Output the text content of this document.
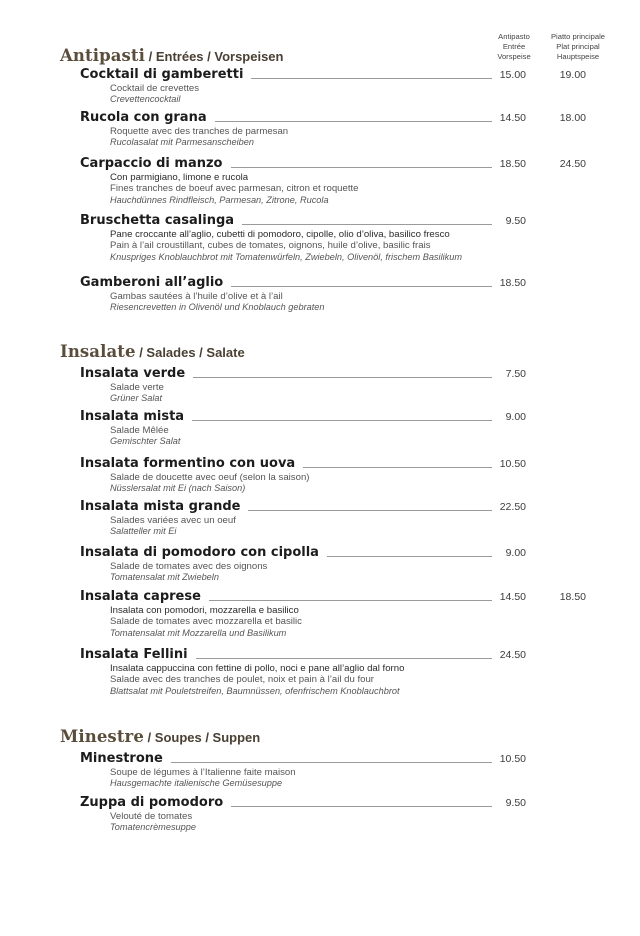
Antipasto
Entrée
Vorspeise
Piatto principale
Plat principal
Hauptspeise
Antipasti / Entrées / Vorspeisen
Cocktail di gamberetti	15.00	19.00
Cocktail de crevettes
Crevettencocktail
Rucola con grana	14.50	18.00
Roquette avec des tranches de parmesan
Rucolasalat mit Parmesanscheiben
Carpaccio di manzo	18.50	24.50
Con parmigiano, limone e rucola
Fines tranches de boeuf avec parmesan, citron et roquette
Hauchdünnes Rindfleisch, Parmesan, Zitrone, Rucola
Bruschetta casalinga	9.50
Pane croccante all’aglio, cubetti di pomodoro, cipolle, olio d’oliva, basilico fresco
Pain à l’ail croustillant, cubes de tomates, oignons, huile d’olive, basilic frais
Knuspriges Knoblauchbrot mit Tomatenwürfeln, Zwiebeln, Olivenöl, frischem Basilikum
Gamberoni all’aglio	18.50
Gambas sautées à l’huile d’olive et à l’ail
Riesencrevetten in Olivenöl und Knoblauch gebraten
Insalate / Salades / Salate
Insalata verde	7.50
Salade verte
Grüner Salat
Insalata mista	9.00
Salade Mêlée
Gemischter Salat
Insalata formentino con uova	10.50
Salade de doucette avec oeuf (selon la saison)
Nüsslersalat mit Ei (nach Saison)
Insalata mista grande	22.50
Salades variées avec un oeuf
Salatteller mit Ei
Insalata di pomodoro con cipolla	9.00
Salade de tomates avec des oignons
Tomatensalat mit Zwiebeln
Insalata caprese	14.50	18.50
Insalata con pomodori, mozzarella e basilico
Salade de tomates avec mozzarella et basilic
Tomatensalat mit Mozzarella und Basilikum
Insalata Fellini	24.50
Insalata cappuccina con fettine di pollo, noci e pane all’aglio dal forno
Salade avec des tranches de poulet, noix et pain à l’ail du four
Blattsalat mit Pouletstreifen, Baumnüssen, ofenfrischem Knoblauchbrot
Minestre / Soupes / Suppen
Minestrone	10.50
Soupe de légumes à l’Italienne faite maison
Hausgemachte italienische Gemüsesuppe
Zuppa di pomodoro	9.50
Velouté de tomates
Tomatencrèmesuppe
